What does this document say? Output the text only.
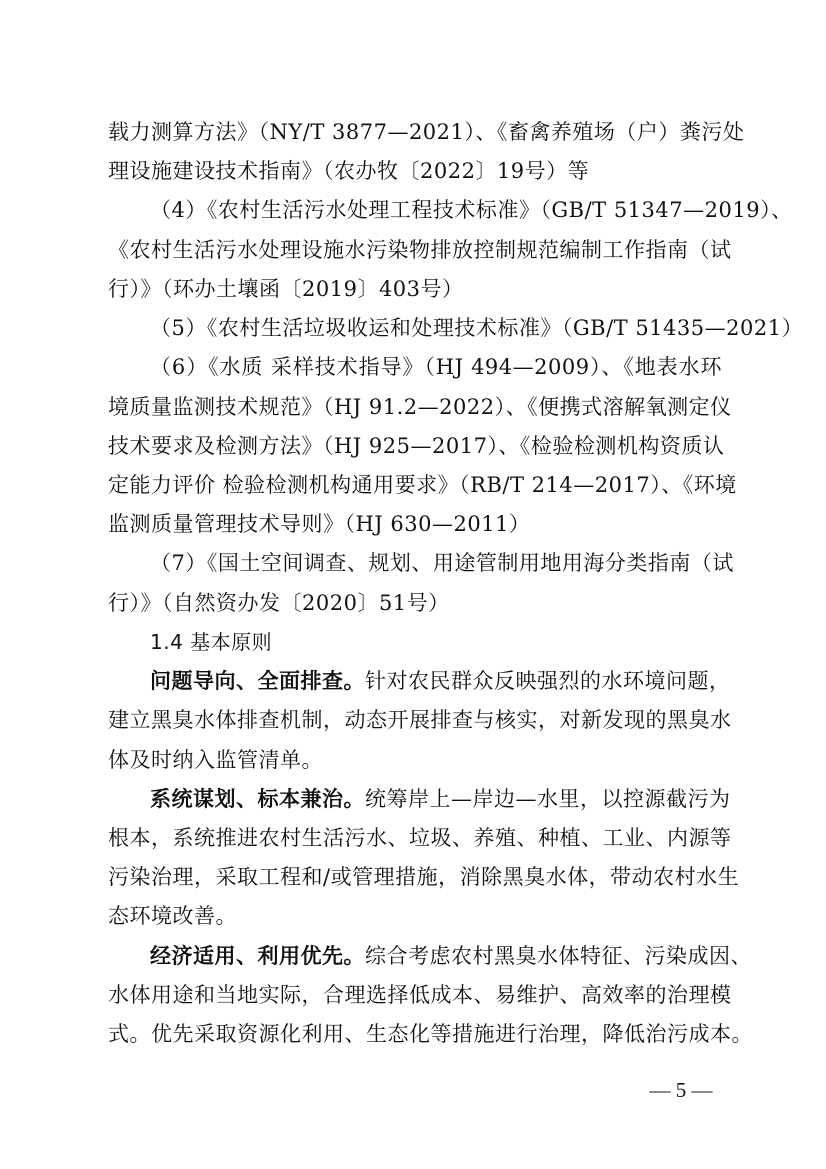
载力测算方法》（NY/T 3877—2021）、《畜禽养殖场（户）粪污处
理设施建设技术指南》（农办牧〔2022〕19号）等
（4）《农村生活污水处理工程技术标准》（GB/T 51347—2019）、
《农村生活污水处理设施水污染物排放控制规范编制工作指南（试
行）》（环办土壤函〔2019〕403号）
（5）《农村生活垃圾收运和处理技术标准》（GB/T 51435—2021）
（6）《水质 采样技术指导》（HJ 494—2009）、《地表水环
境质量监测技术规范》（HJ 91.2—2022）、《便携式溶解氧测定仪
技术要求及检测方法》（HJ 925—2017）、《检验检测机构资质认
定能力评价 检验检测机构通用要求》（RB/T 214—2017）、《环境
监测质量管理技术导则》（HJ 630—2011）
（7）《国土空间调查、规划、用途管制用地用海分类指南（试
行）》（自然资办发〔2020〕51号）
1.4 基本原则
问题导向、全面排查。针对农民群众反映强烈的水环境问题，
建立黑臭水体排查机制，动态开展排查与核实，对新发现的黑臭水
体及时纳入监管清单。
系统谋划、标本兼治。统筹岸上—岸边—水里，以控源截污为
根本，系统推进农村生活污水、垃圾、养殖、种植、工业、内源等
污染治理，采取工程和/或管理措施，消除黑臭水体，带动农村水生
态环境改善。
经济适用、利用优先。综合考虑农村黑臭水体特征、污染成因、
水体用途和当地实际，合理选择低成本、易维护、高效率的治理模
式。优先采取资源化利用、生态化等措施进行治理，降低治污成本。
— 5 —
